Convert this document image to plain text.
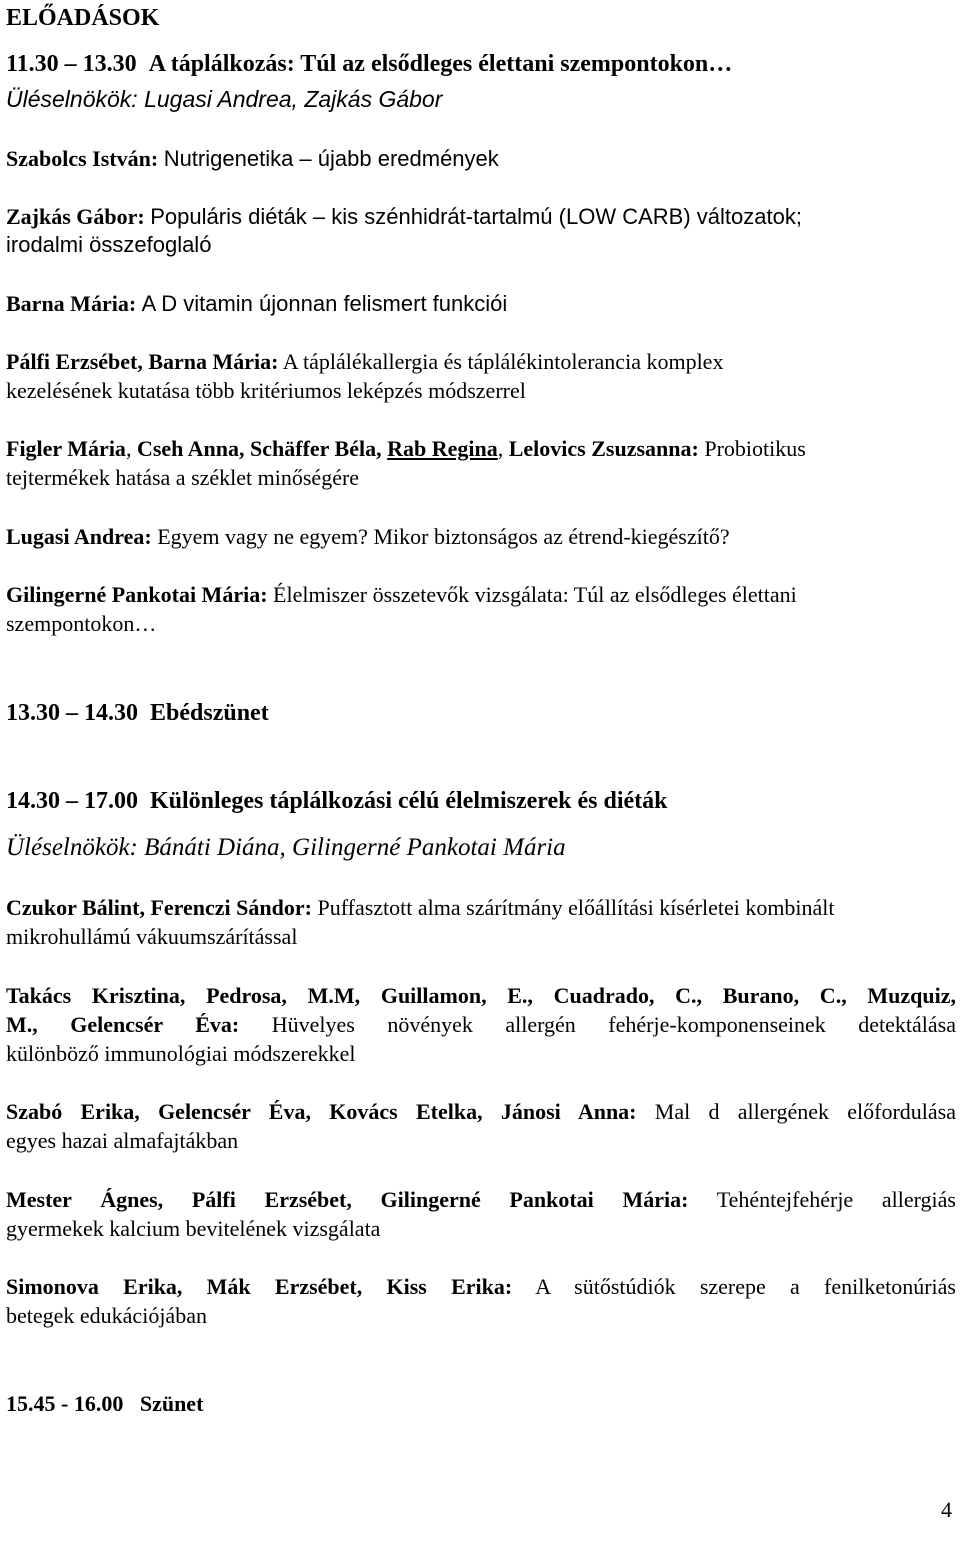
ELŐADÁSOK
11.30 – 13.30 A táplálkozás: Túl az elsődleges élettani szempontokon…
Üléselnökök: Lugasi Andrea, Zajkás Gábor
Szabolcs István: Nutrigenetika – újabb eredmények
Zajkás Gábor: Populáris diéták – kis szénhidrát-tartalmú (LOW CARB) változatok;
irodalmi összefoglaló
Barna Mária: A D vitamin újonnan felismert funkciói
Pálfi Erzsébet, Barna Mária: A táplálékallergia és táplálékintolerancia komplex
kezelésének kutatása több kritériumos leképzés módszerrel
Figler Mária, Cseh Anna, Schäffer Béla, Rab Regina, Lelovics Zsuzsanna: Probiotikus
tejtermékek hatása a széklet minőségére
Lugasi Andrea: Egyem vagy ne egyem? Mikor biztonságos az étrend-kiegészítő?
Gilingerné Pankotai Mária: Élelmiszer összetevők vizsgálata: Túl az elsődleges élettani
szempontokon…
13.30 – 14.30 Ebédszünet
14.30 – 17.00 Különleges táplálkozási célú élelmiszerek és diéták
Üléselnökök: Bánáti Diána, Gilingerné Pankotai Mária
Czukor Bálint, Ferenczi Sándor: Puffasztott alma szárítmány előállítási kísérletei kombinált
mikrohullámú vákuumszárítással
Takács Krisztina, Pedrosa, M.M, Guillamon, E., Cuadrado, C., Burano, C., Muzquiz,
M., Gelencsér Éva: Hüvelyes növények allergén fehérje-komponenseinek detektálása
különböző immunológiai módszerekkel
Szabó Erika, Gelencsér Éva, Kovács Etelka, Jánosi Anna: Mal d allergének előfordulása
egyes hazai almafajtákban
Mester Ágnes, Pálfi Erzsébet, Gilingerné Pankotai Mária: Tehéntejfehérje allergiás
gyermekek kalcium bevitelének vizsgálata
Simonova Erika, Mák Erzsébet, Kiss Erika: A sütőstúdiók szerepe a fenilketonúriás
betegek edukációjában
15.45 - 16.00 Szünet
4
